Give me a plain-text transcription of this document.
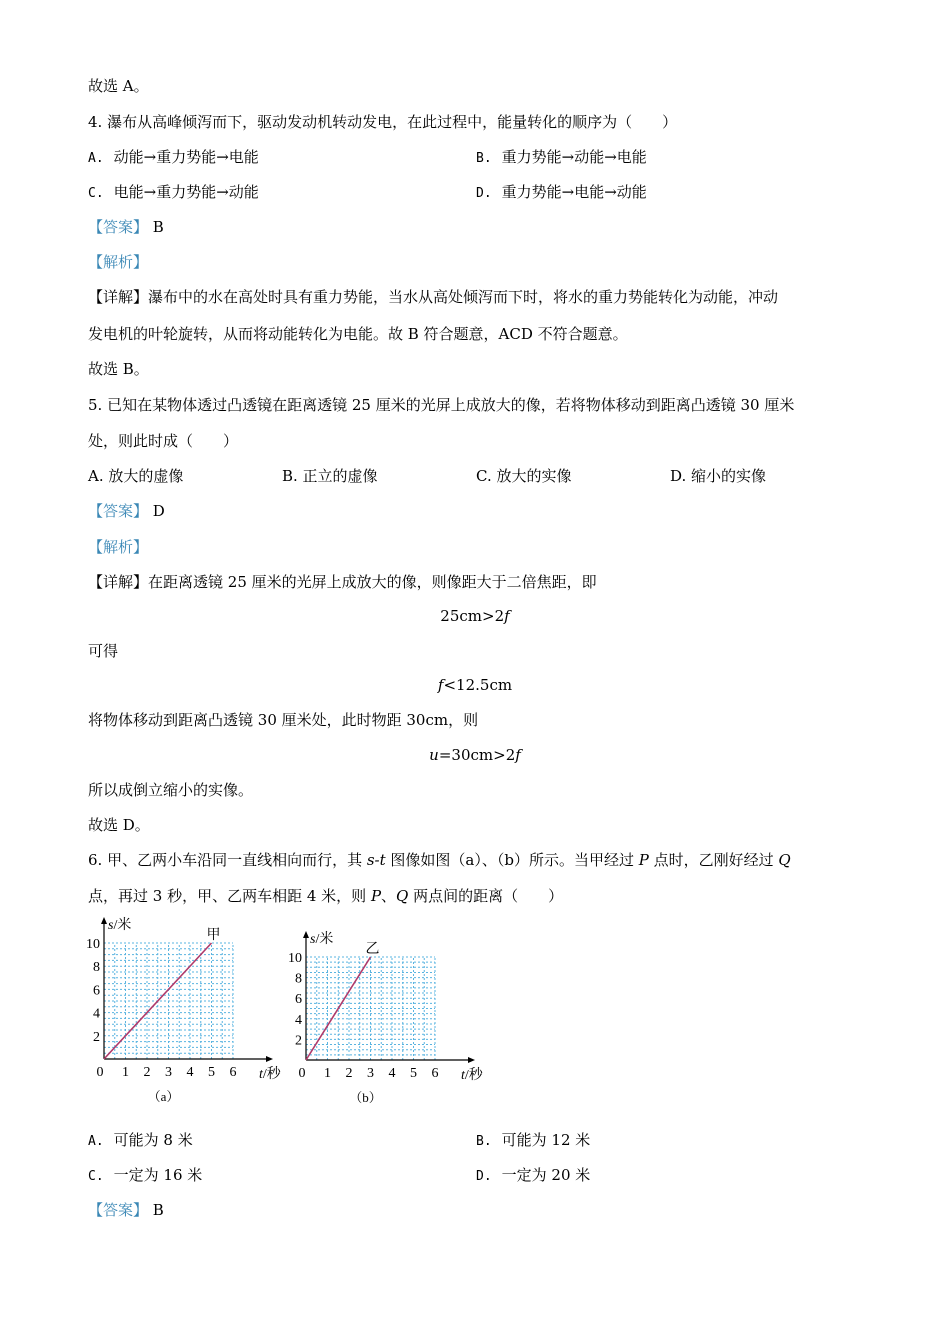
故选 A。
4. 瀑布从高峰倾泻而下，驱动发动机转动发电，在此过程中，能量转化的顺序为（　　）
A. 动能→重力势能→电能	B. 重力势能→动能→电能
C. 电能→重力势能→动能	D. 重力势能→电能→动能
【答案】 B
【解析】
【详解】瀑布中的水在高处时具有重力势能，当水从高处倾泻而下时，将水的重力势能转化为动能，冲动
发电机的叶轮旋转，从而将动能转化为电能。故 B 符合题意，ACD 不符合题意。
故选 B。
5. 已知在某物体透过凸透镜在距离透镜 25 厘米的光屏上成放大的像，若将物体移动到距离凸透镜 30 厘米
处，则此时成（　　）
A. 放大的虚像	B. 正立的虚像	C. 放大的实像	D. 缩小的实像
【答案】 D
【解析】
【详解】在距离透镜 25 厘米的光屏上成放大的像，则像距大于二倍焦距，即
25cm>2f
可得
f<12.5cm
将物体移动到距离凸透镜 30 厘米处，此时物距 30cm，则
u=30cm>2f
所以成倒立缩小的实像。
故选 D。
6. 甲、乙两小车沿同一直线相向而行，其 s-t 图像如图（a）、（b）所示。当甲经过 P 点时，乙刚好经过 Q
点，再过 3 秒，甲、乙两车相距 4 米，则 P、Q 两点间的距离（　　）
0 1 2 3 4 5 6
2
4
6
8
10
s/米
t/秒
甲
（a）
0 1 2 3 4 5 6
2
4
6
8
10
s/米
t/秒
乙
（b）
A. 可能为 8 米	B. 可能为 12 米
C. 一定为 16 米	D. 一定为 20 米
【答案】 B
